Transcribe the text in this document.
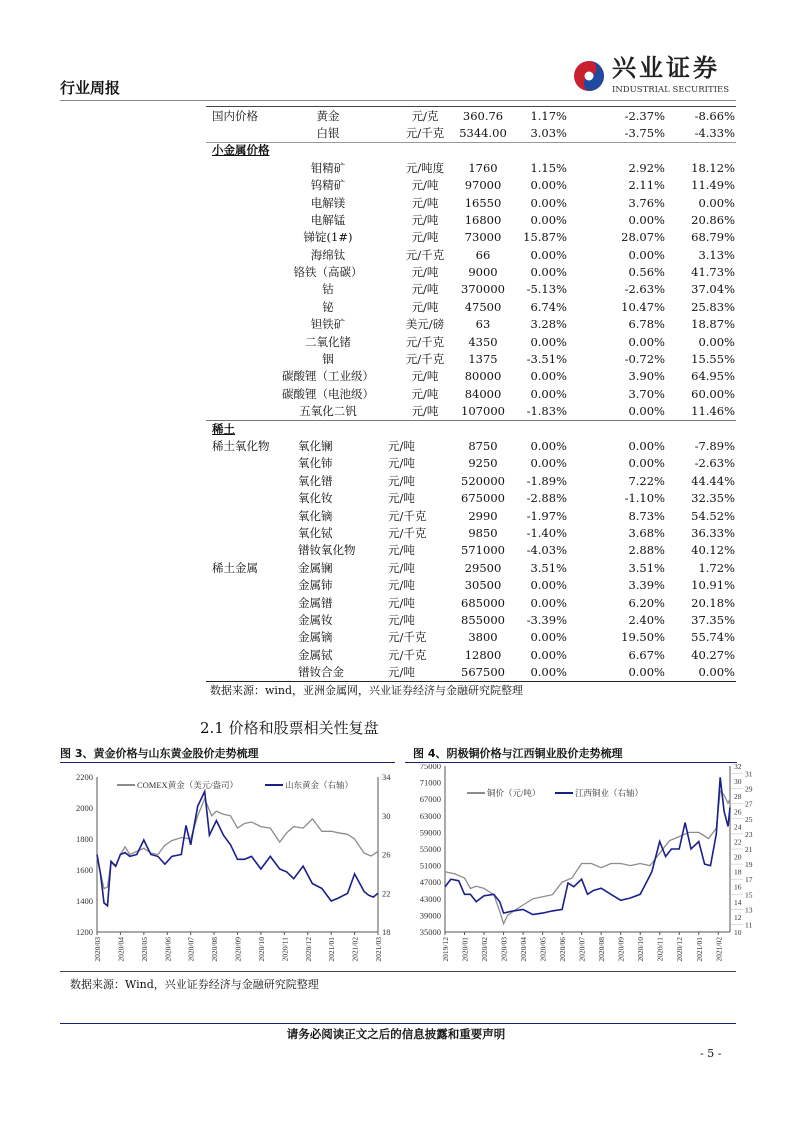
行业周报
兴业证券
INDUSTRIAL SECURITIES
小金属价格
稀土
国内价格
稀土氧化物
稀土金属
数据来源：wind，亚洲金属网，兴业证券经济与金融研究院整理
黄金	元/克	360.76	1.17%	-2.37%	-8.66%
白银	元/千克	5344.00	3.03%	-3.75%	-4.33%
钼精矿	元/吨度	1760	1.15%	2.92%	18.12%
钨精矿	元/吨	97000	0.00%	2.11%	11.49%
电解镁	元/吨	16550	0.00%	3.76%	0.00%
电解锰	元/吨	16800	0.00%	0.00%	20.86%
锑锭(1#)	元/吨	73000	15.87%	28.07%	68.79%
海绵钛	元/千克	66	0.00%	0.00%	3.13%
铬铁（高碳）	元/吨	9000	0.00%	0.56%	41.73%
钴	元/吨	370000	-5.13%	-2.63%	37.04%
铋	元/吨	47500	6.74%	10.47%	25.83%
钽铁矿	美元/磅	63	3.28%	6.78%	18.87%
二氧化锗	元/千克	4350	0.00%	0.00%	0.00%
铟	元/千克	1375	-3.51%	-0.72%	15.55%
碳酸锂（工业级）	元/吨	80000	0.00%	3.90%	64.95%
碳酸锂（电池级）	元/吨	84000	0.00%	3.70%	60.00%
五氧化二钒	元/吨	107000	-1.83%	0.00%	11.46%
氧化镧	元/吨	8750	0.00%	0.00%	-7.89%
氧化铈	元/吨	9250	0.00%	0.00%	-2.63%
氧化镨	元/吨	520000	-1.89%	7.22%	44.44%
氧化钕	元/吨	675000	-2.88%	-1.10%	32.35%
氧化镝	元/千克	2990	-1.97%	8.73%	54.52%
氧化铽	元/千克	9850	-1.40%	3.68%	36.33%
镨钕氧化物	元/吨	571000	-4.03%	2.88%	40.12%
金属镧	元/吨	29500	3.51%	3.51%	1.72%
金属铈	元/吨	30500	0.00%	3.39%	10.91%
金属镨	元/吨	685000	0.00%	6.20%	20.18%
金属钕	元/吨	855000	-3.39%	2.40%	37.35%
金属镝	元/千克	3800	0.00%	19.50%	55.74%
金属铽	元/千克	12800	0.00%	6.67%	40.27%
镨钕合金	元/吨	567500	0.00%	0.00%	0.00%
2.1 价格和股票相关性复盘
图 3、黄金价格与山东黄金股价走势梳理	图 4、阴极铜价格与江西铜业股价走势梳理
1200
1400
1600
1800
2000
2200
18
22
26
30
34
2020/03 2020/04 2020/05 2020/06 2020/07 2020/08 2020/09 2020/10 2020/11 2020/12 2021/01 2021/02 2021/03
COMEX黄金（美元/盎司）	山东黄金（右轴）
35000
39000
43000
47000
51000
55000
59000
63000
67000
71000
75000
10
11
12
13
14
15
16
17
18
19
20
21
22
23
24
25
26
27
28
29
30
31
32
2019/12 2020/01 2020/02 2020/03 2020/04 2020/05 2020/06 2020/07 2020/08 2020/09 2020/10 2020/11 2020/12 2021/01 2021/02
铜价（元/吨）	江西铜业（右轴）
数据来源：Wind，兴业证券经济与金融研究院整理
请务必阅读正文之后的信息披露和重要声明
- 5 -
